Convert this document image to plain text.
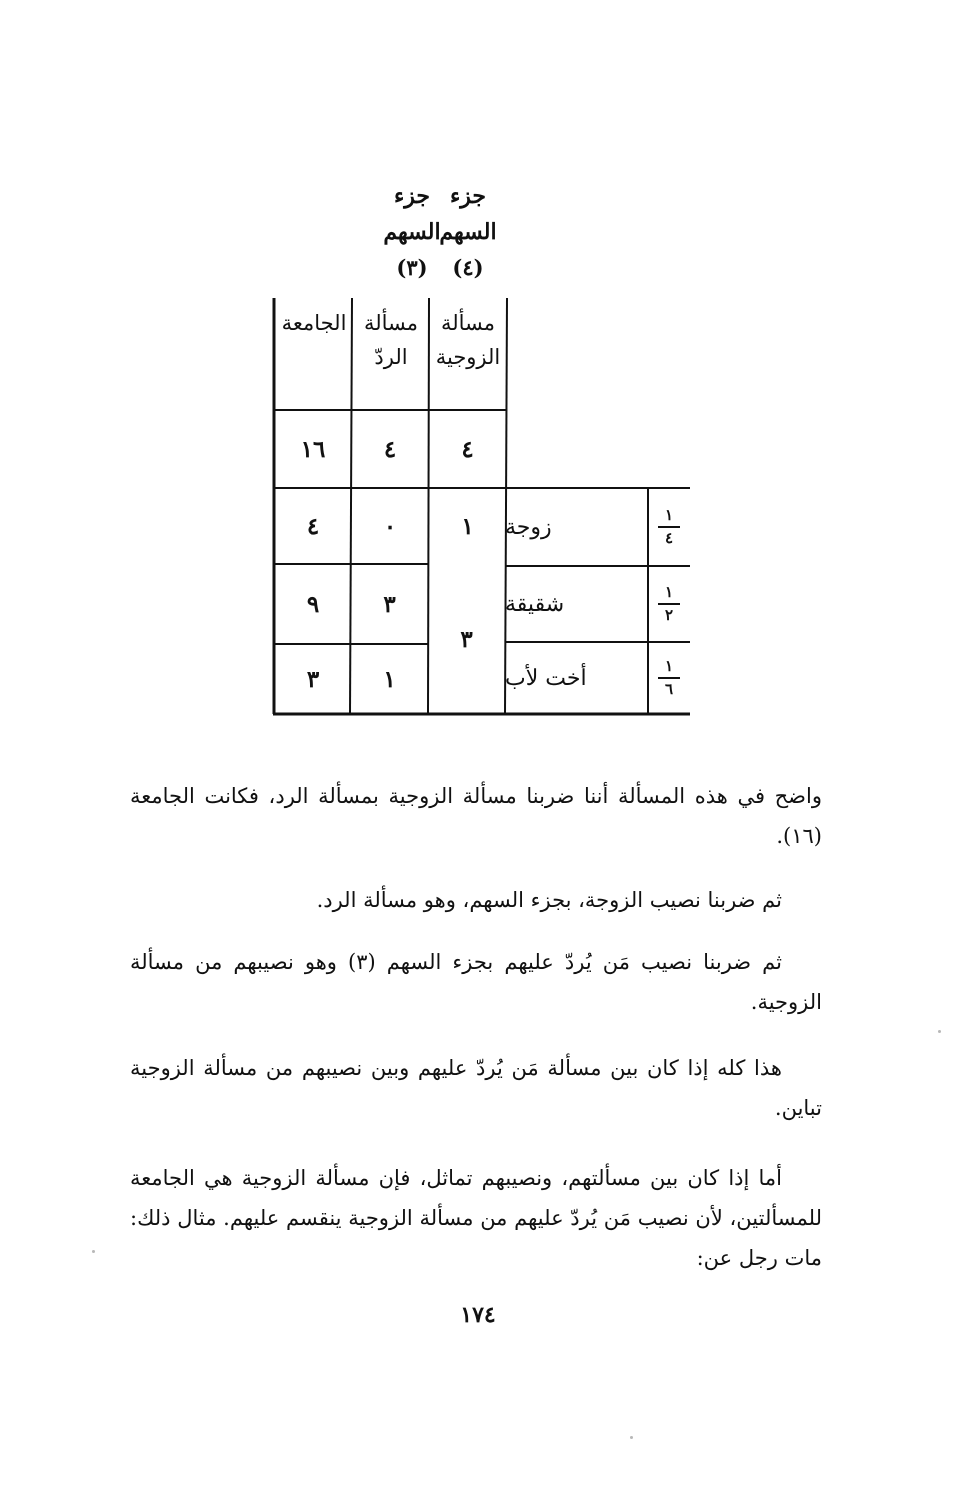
جزء
السهم
(٤)
جزء
السهم
(٣)
مسألة الزوجية
مسألة الردّ
الجامعة
٤
٤
١٦
$\frac{١}{٤}$
زوجة
١
٠
٤
$\frac{١}{٢}$
شقيقة
٣
٣
٩
$\frac{١}{٦}$
أخت لأب
١
٣

واضح في هذه المسألة أننا ضربنا مسألة الزوجية بمسألة الرد، فكانت الجامعة (١٦).

ثم ضربنا نصيب الزوجة، بجزء السهم، وهو مسألة الرد.

ثم ضربنا نصيب مَن يُردّ عليهم بجزء السهم (٣) وهو نصيبهم من مسألة الزوجية.

هذا كله إذا كان بين مسألة مَن يُردّ عليهم وبين نصيبهم من مسألة الزوجية تباين.

أما إذا كان بين مسألتهم، ونصيبهم تماثل، فإن مسألة الزوجية هي الجامعة للمسألتين، لأن نصيب مَن يُردّ عليهم من مسألة الزوجية ينقسم عليهم. مثال ذلك: مات رجل عن:

١٧٤
